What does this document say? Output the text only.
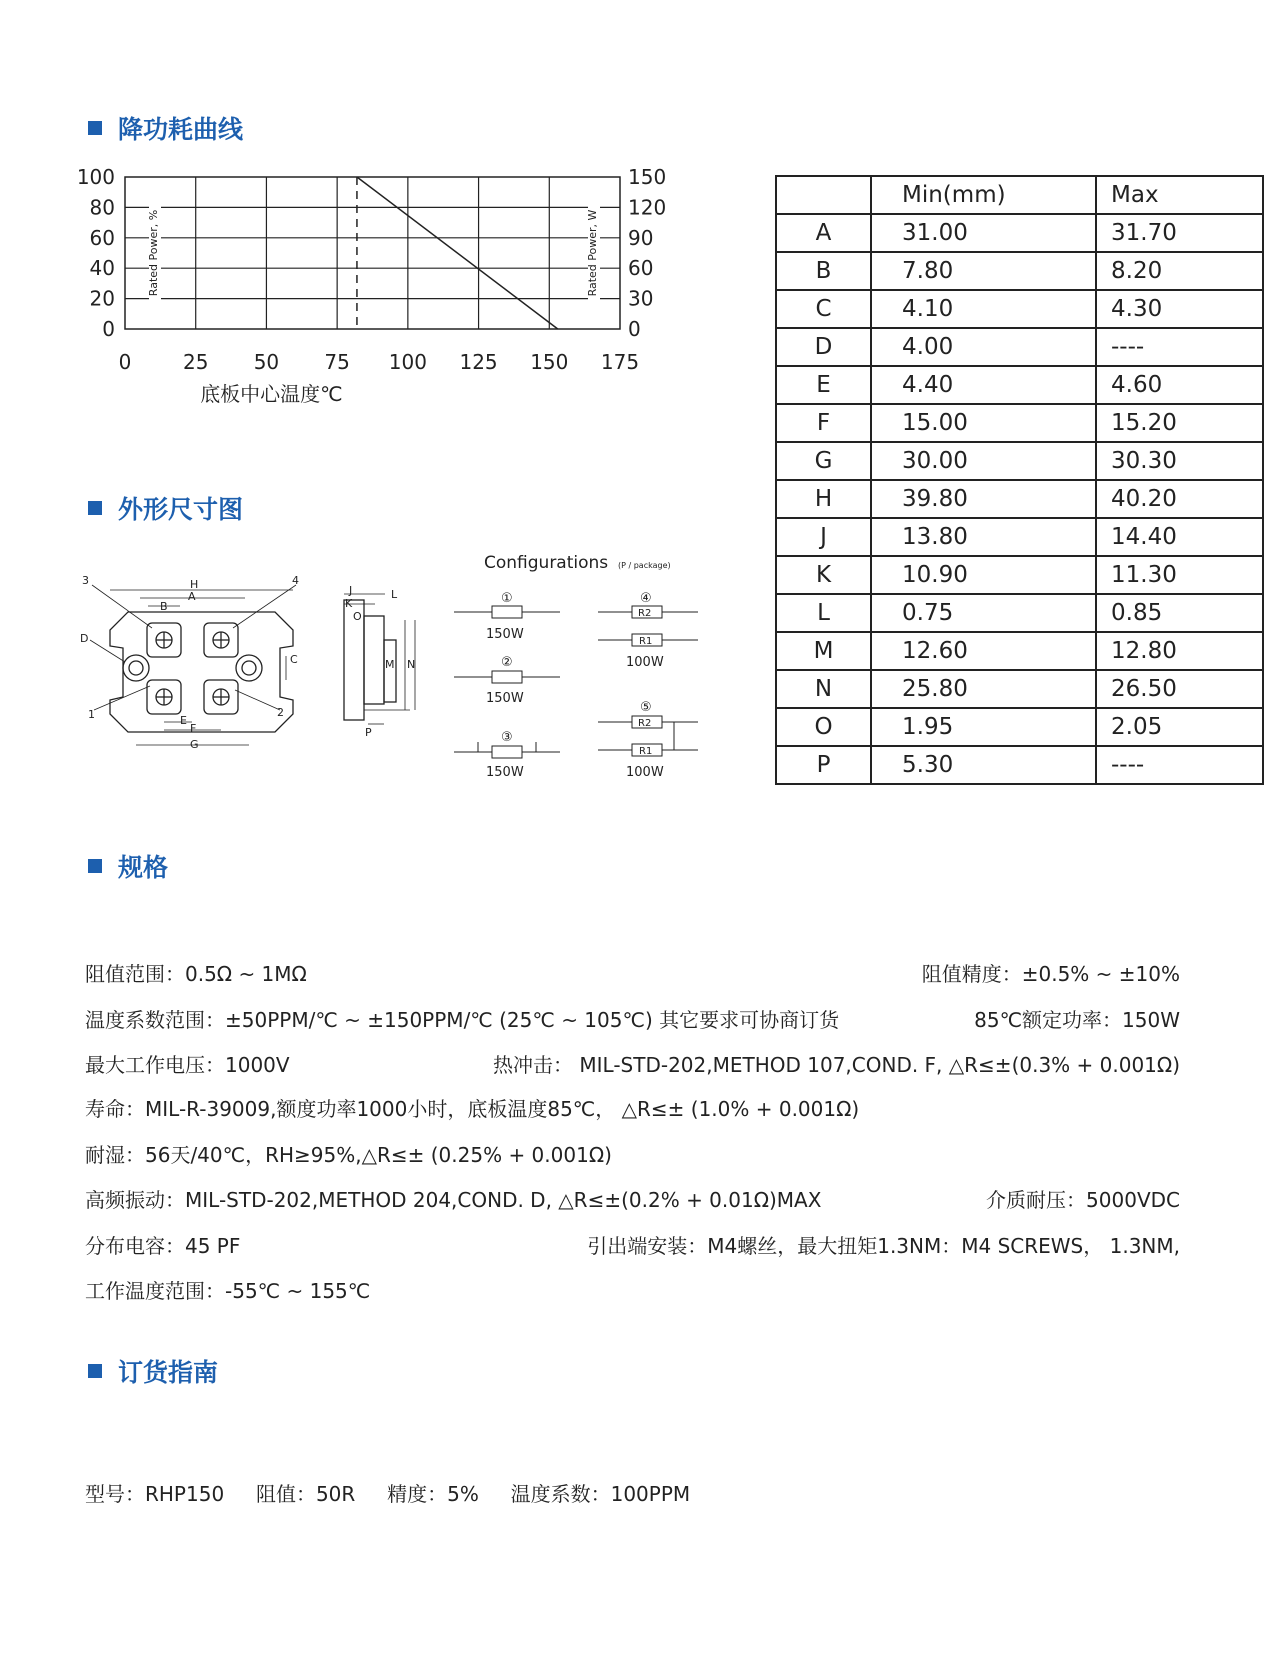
降功耗曲线
外形尺寸图
规格
订货指南
100
80
60
40
20
0
150
120
90
60
30
0
0	25 50 75 100 125 150 175
底板中心温度℃
Rated Power, %	Rated Power, W
	Min(mm)	Max
A	31.00	31.70
B	7.80	8.20
C	4.10	4.30
D	4.00	----
E	4.40	4.60
F	15.00	15.20
G	30.00	30.30
H	39.80	40.20
J	13.80	14.40
K	10.90	11.30
L	0.75	0.85
M	12.60	12.80
N	25.80	26.50
O	1.95	2.05
P	5.30	----
H
A
B
C
D
E
F
G
1	2
3	4
J
K
L
O
M N
P
Configurations (P / package)
①
150W
②
150W
③
150W
④
100W
⑤
100W
R2
R1
R2
R1
阻值范围：0.5Ω ~ 1MΩ	阻值精度：±0.5% ~ ±10%
温度系数范围：±50PPM/℃ ~ ±150PPM/℃ (25℃ ~ 105℃) 其它要求可协商订货	85℃额定功率：150W
最大工作电压：1000V	热冲击： MIL-STD-202,METHOD 107,COND. F, △R≤±(0.3% + 0.001Ω)
寿命：MIL-R-39009,额度功率1000小时，底板温度85℃， △R≤± (1.0% + 0.001Ω)
耐湿：56天/40℃，RH≥95%,△R≤± (0.25% + 0.001Ω)
高频振动：MIL-STD-202,METHOD 204,COND. D, △R≤±(0.2% + 0.01Ω)MAX	介质耐压：5000VDC
分布电容：45 PF	引出端安装：M4螺丝，最大扭矩1.3NM：M4 SCREWS， 1.3NM,
工作温度范围：-55℃ ~ 155℃
型号：RHP150     阻值：50R     精度：5%     温度系数：100PPM
